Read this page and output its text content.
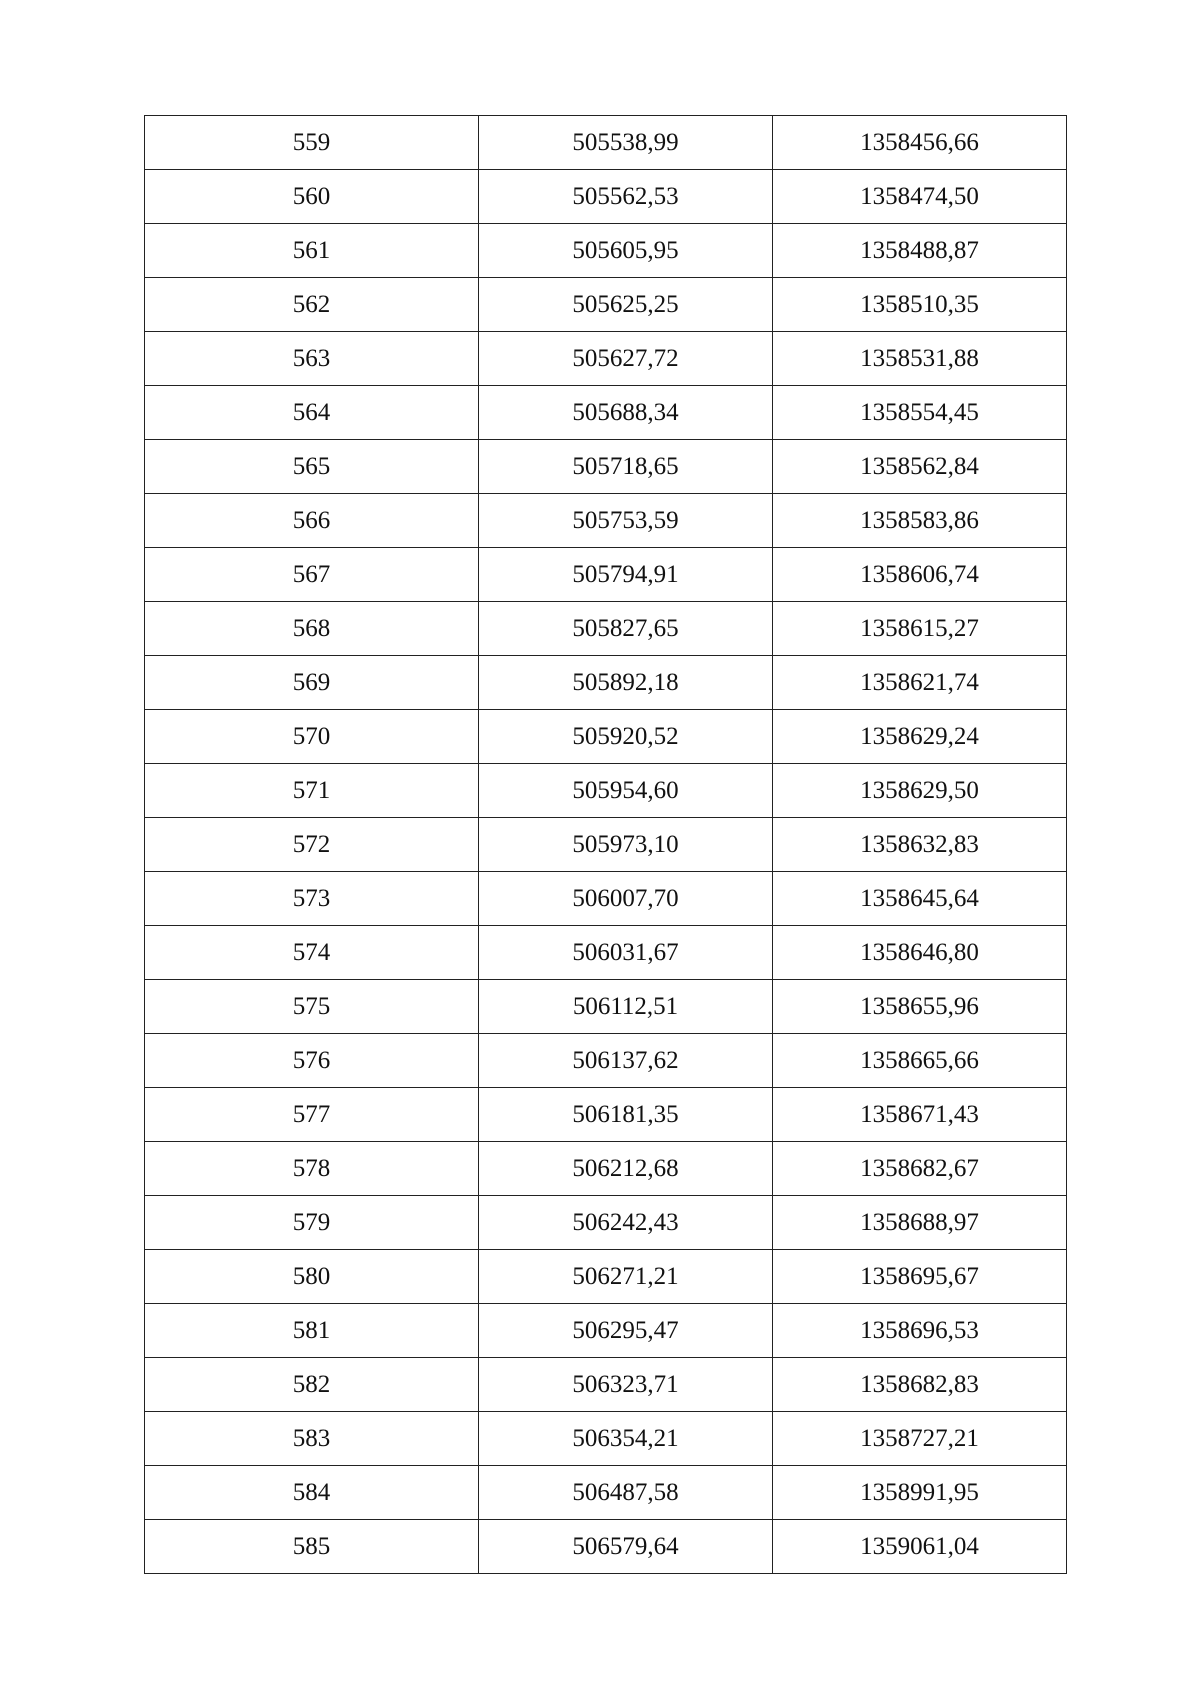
559	505538,99	1358456,66
560	505562,53	1358474,50
561	505605,95	1358488,87
562	505625,25	1358510,35
563	505627,72	1358531,88
564	505688,34	1358554,45
565	505718,65	1358562,84
566	505753,59	1358583,86
567	505794,91	1358606,74
568	505827,65	1358615,27
569	505892,18	1358621,74
570	505920,52	1358629,24
571	505954,60	1358629,50
572	505973,10	1358632,83
573	506007,70	1358645,64
574	506031,67	1358646,80
575	506112,51	1358655,96
576	506137,62	1358665,66
577	506181,35	1358671,43
578	506212,68	1358682,67
579	506242,43	1358688,97
580	506271,21	1358695,67
581	506295,47	1358696,53
582	506323,71	1358682,83
583	506354,21	1358727,21
584	506487,58	1358991,95
585	506579,64	1359061,04
